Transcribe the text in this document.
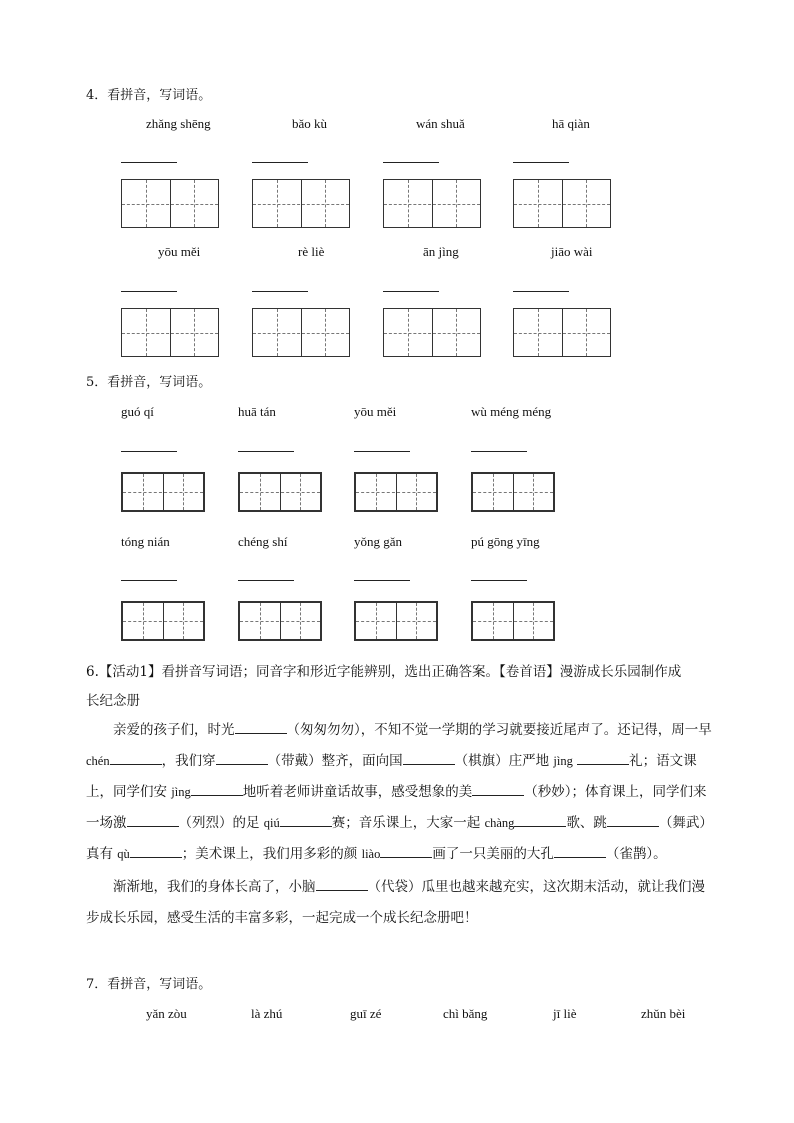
4．看拼音，写词语。
zhǎng shēng	bǎo kù	wán shuǎ	hā qiàn
yōu měi	rè liè	ān jìng	jiāo wài
5．看拼音，写词语。
guó qí	huā tán	yōu měi	wù méng méng
tóng nián	chéng shí	yǒng gǎn	pú gōng yīng
6.【活动1】看拼音写词语；同音字和形近字能辨别，选出正确答案。【卷首语】漫游成长乐园制作成
长纪念册

亲爱的孩子们，时光	（匆匆勿勿），不知不觉一学期的学习就要接近尾声了。还记得，周一早 chén	，我们穿	（带戴）整齐，面向国	（棋旗）庄严地 jìng	礼；语文课上，同学们安 jìng	地听着老师讲童话故事，感受想象的美	（秒妙）；体育课上，同学们来一场激	（列烈）的足 qiú	赛；音乐课上，大家一起 chàng	歌、跳	（舞武）真有 qù	；美术课上，我们用多彩的颜 liào	画了一只美丽的大孔	（雀鹊）。

渐渐地，我们的身体长高了，小脑	（代袋）瓜里也越来越充实，这次期末活动，就让我们漫步成长乐园，感受生活的丰富多彩，一起完成一个成长纪念册吧！

7．看拼音，写词语。
yǎn zòu	là zhú	guī zé	chì bǎng	jī liè	zhǔn bèi
